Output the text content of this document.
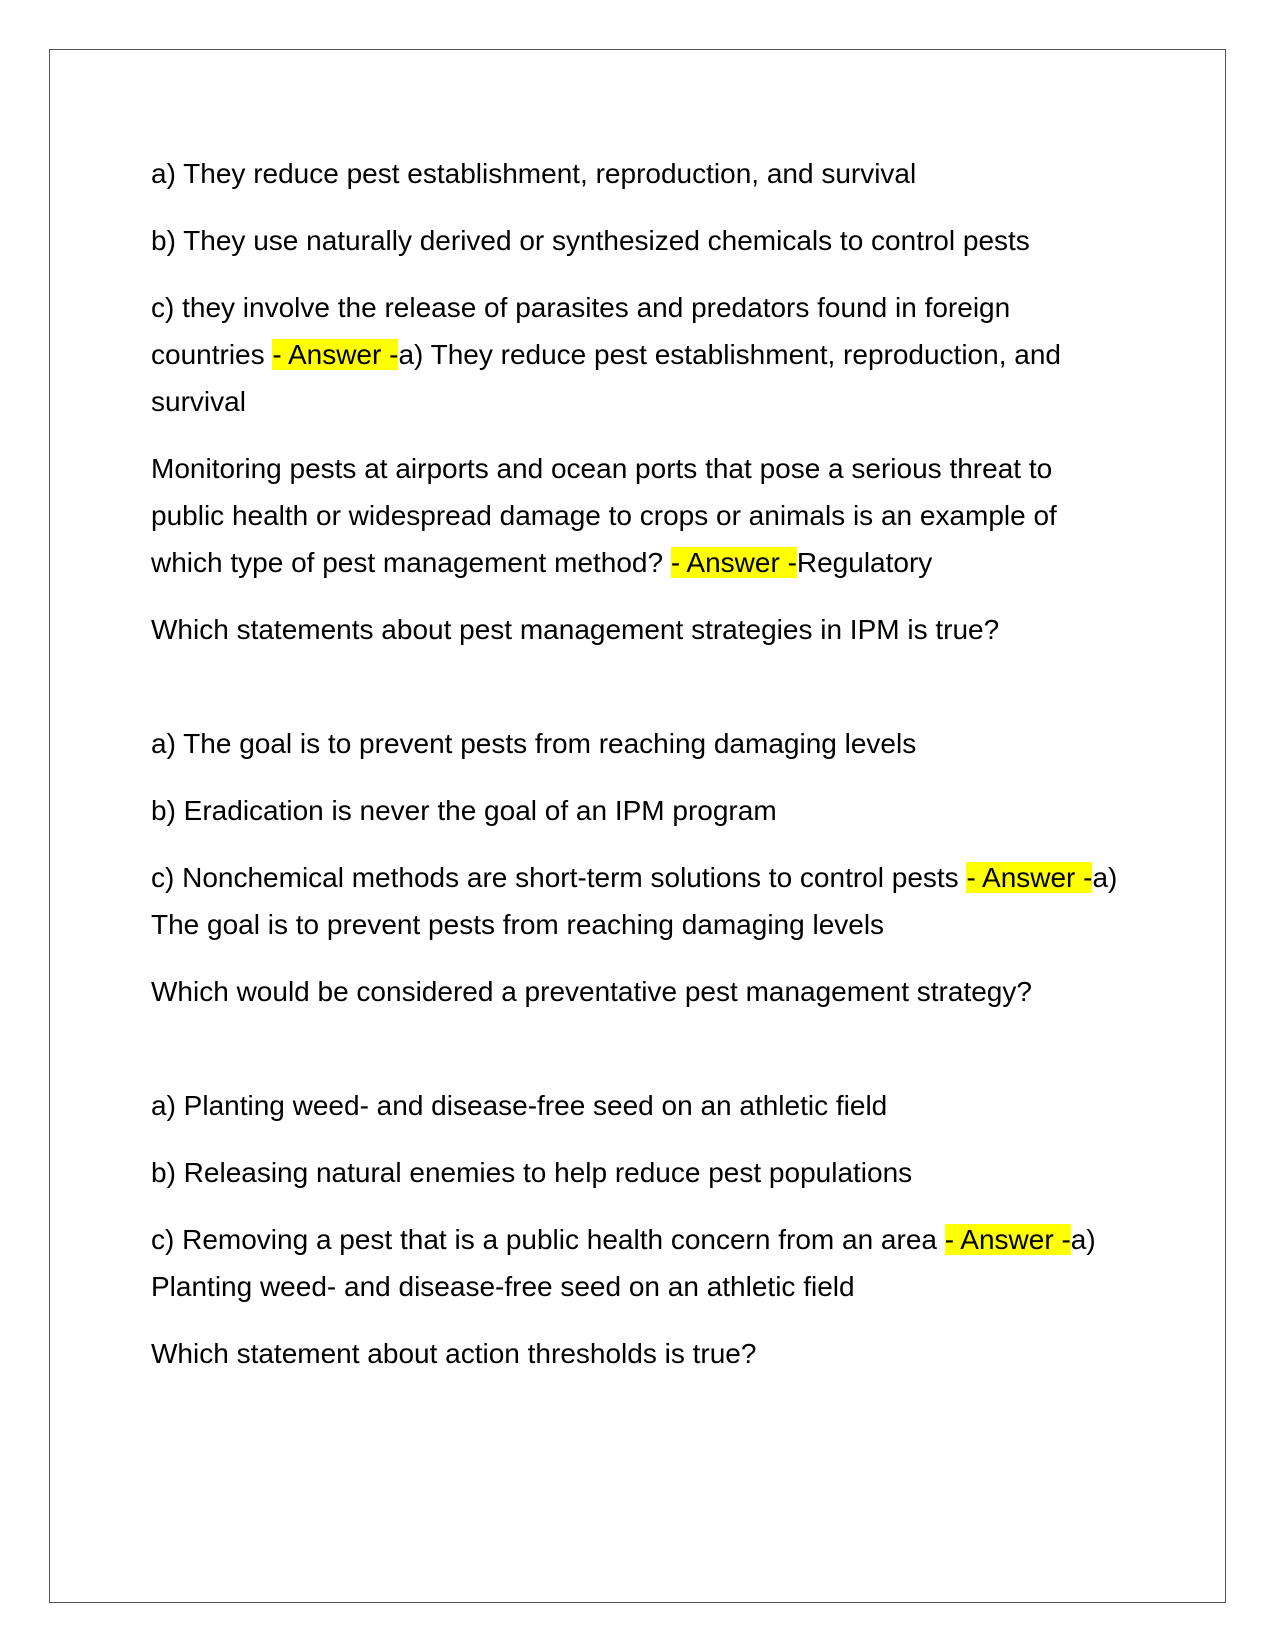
a) They reduce pest establishment, reproduction, and survival

b) They use naturally derived or synthesized chemicals to control pests

c) they involve the release of parasites and predators found in foreign countries - Answer -a) They reduce pest establishment, reproduction, and survival

Monitoring pests at airports and ocean ports that pose a serious threat to public health or widespread damage to crops or animals is an example of which type of pest management method? - Answer -Regulatory

Which statements about pest management strategies in IPM is true?

a) The goal is to prevent pests from reaching damaging levels

b) Eradication is never the goal of an IPM program

c) Nonchemical methods are short-term solutions to control pests - Answer -a) The goal is to prevent pests from reaching damaging levels

Which would be considered a preventative pest management strategy?

a) Planting weed- and disease-free seed on an athletic field

b) Releasing natural enemies to help reduce pest populations

c) Removing a pest that is a public health concern from an area - Answer -a) Planting weed- and disease-free seed on an athletic field

Which statement about action thresholds is true?
